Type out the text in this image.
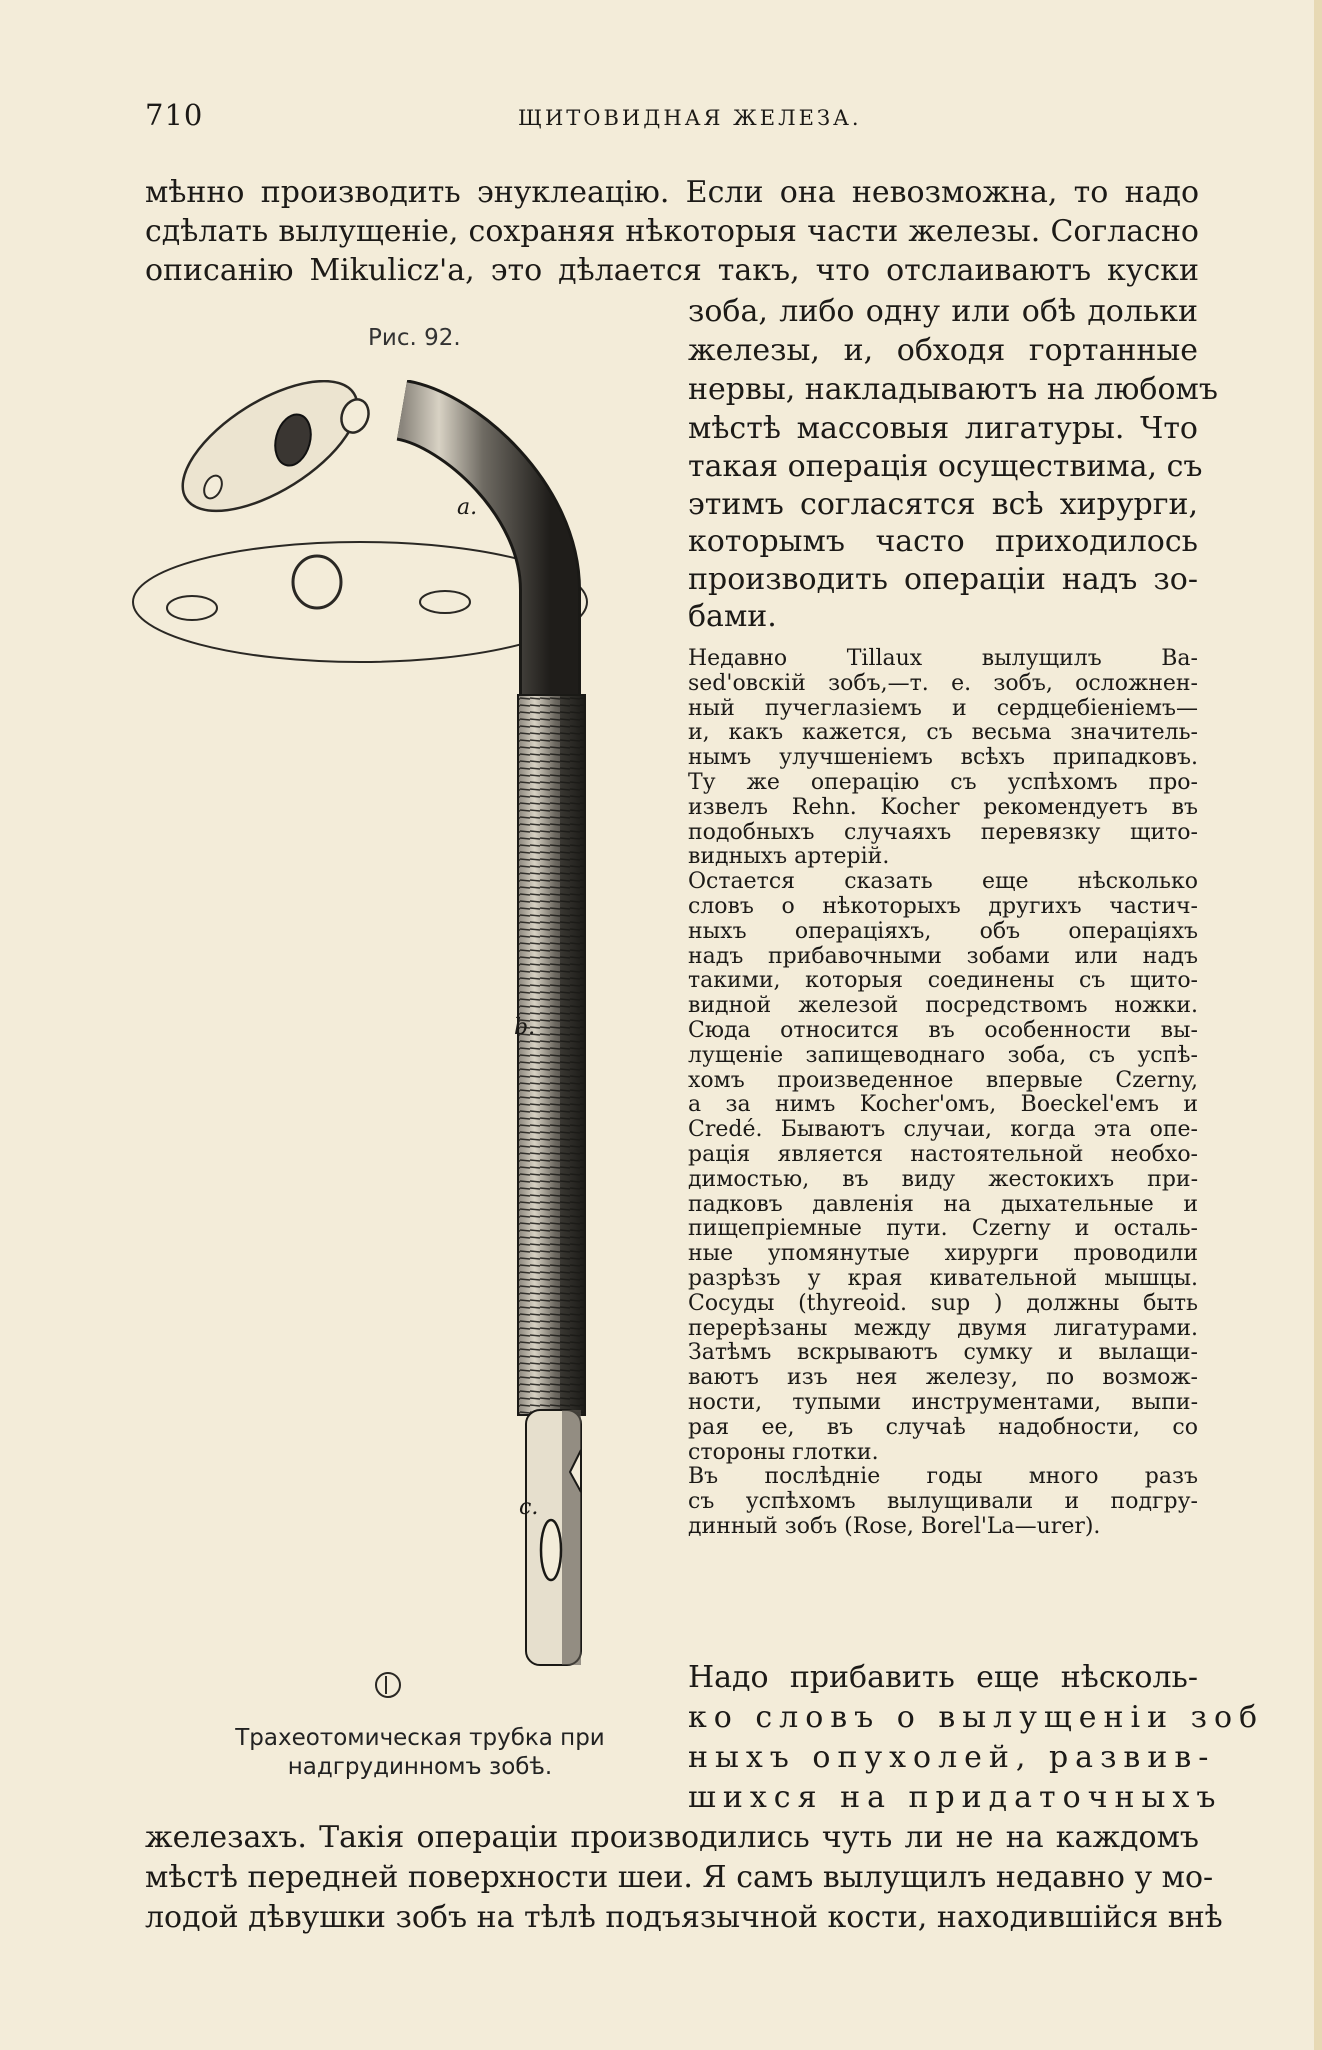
710	ЩИТОВИДНАЯ ЖЕЛЕЗА.
мѣнно производить энуклеацію. Если она невозможна, то надо
сдѣлать вылущеніе, сохраняя нѣкоторыя части железы. Согласно
описанію Mikulicz'а, это дѣлается такъ, что отслаиваютъ куски
зоба, либо одну или обѣ дольки
железы, и, обходя гортанные
нервы, накладываютъ на любомъ
мѣстѣ массовыя лигатуры. Что
такая операція осуществима, съ
этимъ согласятся всѣ хирурги,
которымъ часто приходилось
производить операціи надъ зо-
бами.
Недавно Tillaux вылущилъ Ba-
sed'овскій зобъ,—т. е. зобъ, осложнен-
ный пучеглазіемъ и сердцебіеніемъ—
и, какъ кажется, съ весьма значитель-
нымъ улучшеніемъ всѣхъ припадковъ.
Ту же операцію съ успѣхомъ про-
извелъ Rehn. Kocher рекомендуетъ въ
подобныхъ случаяхъ перевязку щито-
видныхъ артерій.
Остается сказать еще нѣсколько
словъ о нѣкоторыхъ другихъ частич-
ныхъ операціяхъ, объ операціяхъ
надъ прибавочными зобами или надъ
такими, которыя соединены съ щито-
видной железой посредствомъ ножки.
Сюда относится въ особенности вы-
лущеніе запищеводнаго зоба, съ успѣ-
хомъ произведенное впервые Czerny,
а за нимъ Kocher'омъ, Boeckel'емъ и
Credé. Бываютъ случаи, когда эта опе-
рація является настоятельной необхо-
димостью, въ виду жестокихъ при-
падковъ давленія на дыхательные и
пищепріемные пути. Czerny и осталь-
ные упомянутые хирурги проводили
разрѣзъ у края кивательной мышцы.
Сосуды (thyreoid. sup ) должны быть
перерѣзаны между двумя лигатурами.
Затѣмъ вскрываютъ сумку и вылащи-
ваютъ изъ нея железу, по возмож-
ности, тупыми инструментами, выпи-
рая ее, въ случаѣ надобности, со
стороны глотки.
Въ послѣдніе годы много разъ
съ успѣхомъ вылущивали и подгру-
динный зобъ (Rose, Borel'La—urer).
Надо прибавить еще нѣсколь-
ко словъ о вылущеніи зоб
ныхъ опухолей, развив-
шихся на придаточныхъ
железахъ. Такія операціи производились чуть ли не на каждомъ
мѣстѣ передней поверхности шеи. Я самъ вылущилъ недавно у мо-
лодой дѣвушки зобъ на тѣлѣ подъязычной кости, находившійся внѣ
Рис. 92.
a.
b.
c.
Трахеотомическая трубка при
надгрудинномъ зобѣ.
